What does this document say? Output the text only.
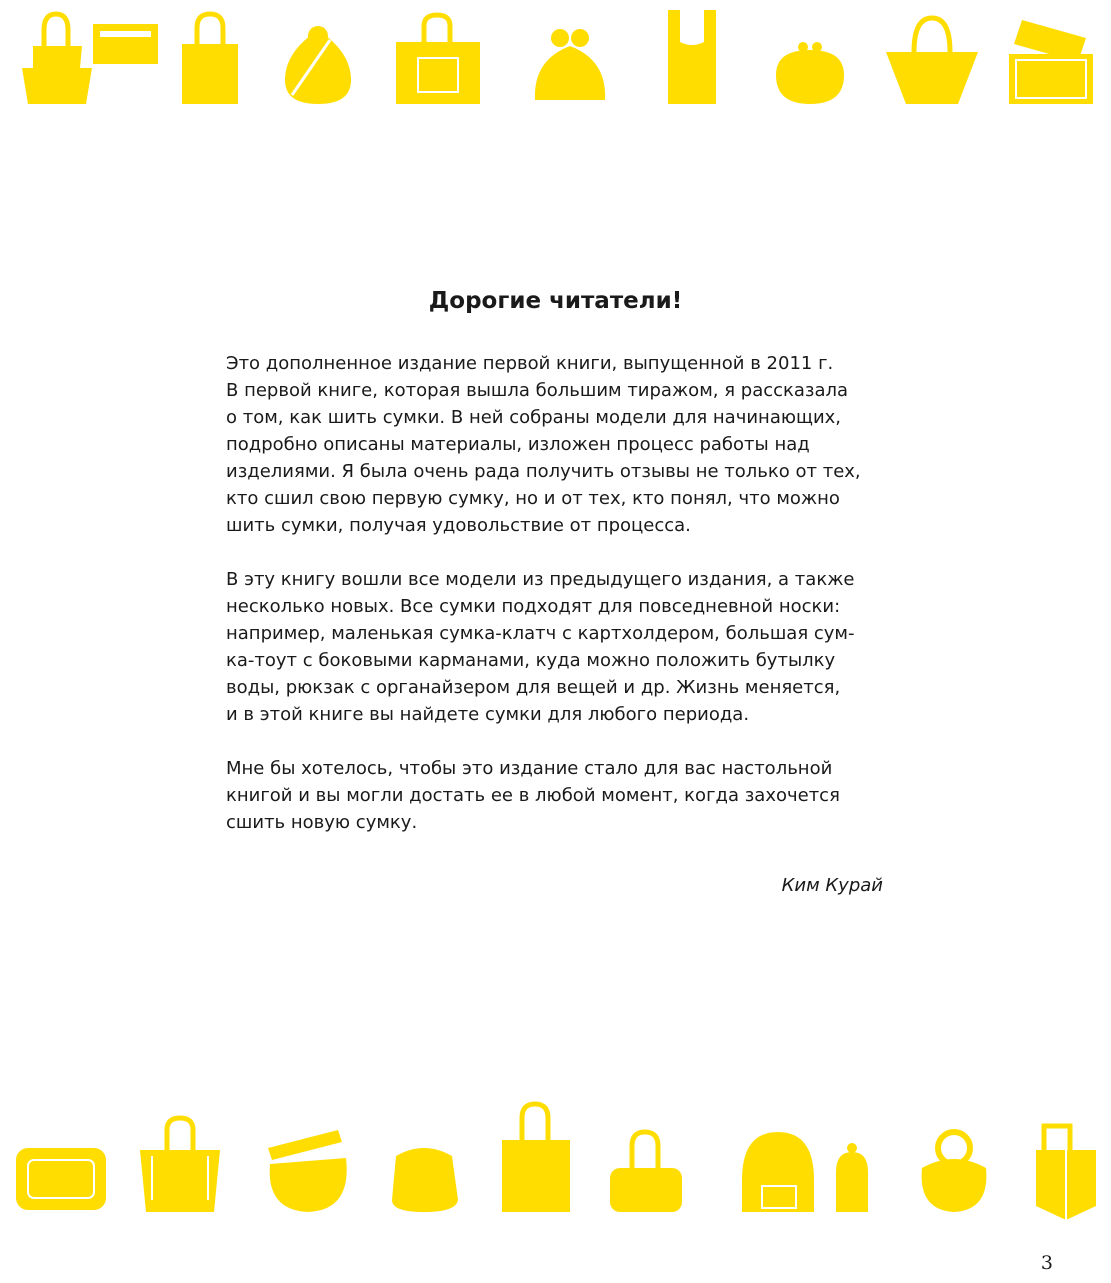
Дорогие читатели!

Это дополненное издание первой книги, выпущенной в 2011 г.
В первой книге, которая вышла большим тиражом, я рассказала
о том, как шить сумки. В ней собраны модели для начинающих,
подробно описаны материалы, изложен процесс работы над
изделиями. Я была очень рада получить отзывы не только от тех,
кто сшил свою первую сумку, но и от тех, кто понял, что можно
шить сумки, получая удовольствие от процесса.

В эту книгу вошли все модели из предыдущего издания, а также
несколько новых. Все сумки подходят для повседневной носки:
например, маленькая сумка-клатч с картхолдером, большая сум-
ка-тоут с боковыми карманами, куда можно положить бутылку
воды, рюкзак с органайзером для вещей и др. Жизнь меняется,
и в этой книге вы найдете сумки для любого периода.

Мне бы хотелось, чтобы это издание стало для вас настольной
книгой и вы могли достать ее в любой момент, когда захочется
сшить новую сумку.

Ким Курай

3
